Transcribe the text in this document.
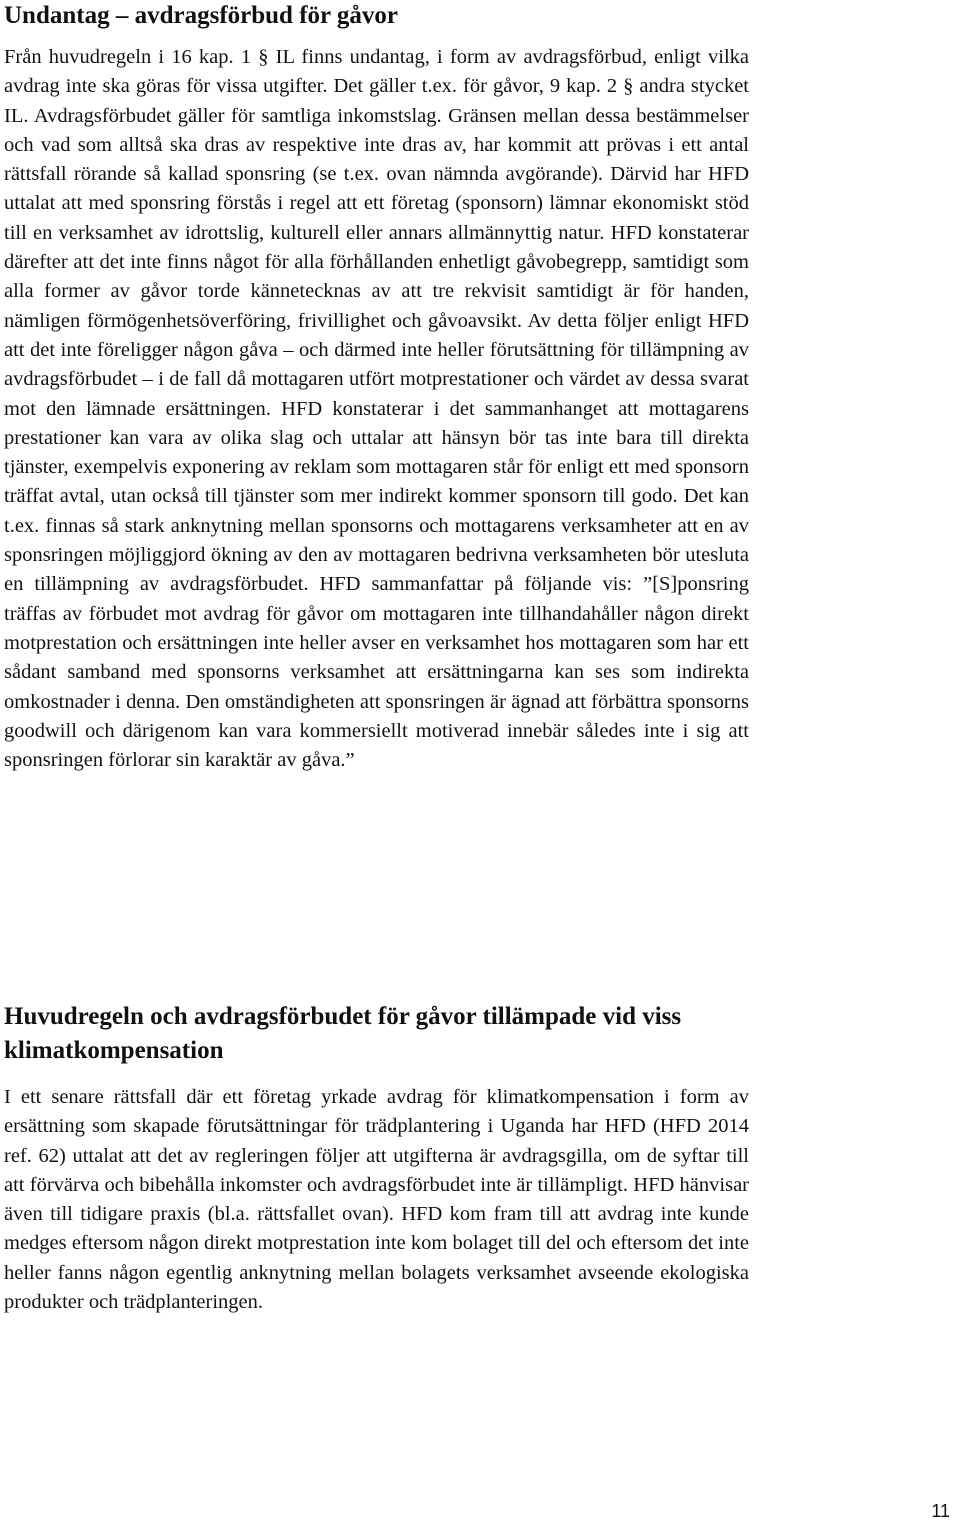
Undantag – avdragsförbud för gåvor

Från huvudregeln i 16 kap. 1 § IL finns undantag, i form av avdragsförbud, enligt vilka avdrag inte ska göras för vissa utgifter. Det gäller t.ex. för gåvor, 9 kap. 2 § andra stycket IL. Avdragsförbudet gäller för samtliga inkomstslag. Gränsen mellan dessa bestämmelser och vad som alltså ska dras av respektive inte dras av, har kommit att prövas i ett antal rättsfall rörande så kallad sponsring (se t.ex. ovan nämnda avgörande). Därvid har HFD uttalat att med sponsring förstås i regel att ett företag (sponsorn) lämnar ekonomiskt stöd till en verksamhet av idrottslig, kulturell eller annars allmännyttig natur. HFD konstaterar därefter att det inte finns något för alla förhållanden enhetligt gåvobegrepp, samtidigt som alla former av gåvor torde kännetecknas av att tre rekvisit samtidigt är för handen, nämligen förmögenhetsöverföring, frivillighet och gåvoavsikt. Av detta följer enligt HFD att det inte föreligger någon gåva – och därmed inte heller förutsättning för tillämpning av avdragsförbudet – i de fall då mottagaren utfört motprestationer och värdet av dessa svarat mot den lämnade ersättningen. HFD konstaterar i det sammanhanget att mottagarens prestationer kan vara av olika slag och uttalar att hänsyn bör tas inte bara till direkta tjänster, exempelvis exponering av reklam som mottagaren står för enligt ett med sponsorn träffat avtal, utan också till tjänster som mer indirekt kommer sponsorn till godo. Det kan t.ex. finnas så stark anknytning mellan sponsorns och mottagarens verksamheter att en av sponsringen möjliggjord ökning av den av mottagaren bedrivna verksamheten bör utesluta en tillämpning av avdragsförbudet. HFD sammanfattar på följande vis: ”[S]ponsring träffas av förbudet mot avdrag för gåvor om mottagaren inte tillhandahåller någon direkt motprestation och ersättningen inte heller avser en verksamhet hos mottagaren som har ett sådant samband med sponsorns verksamhet att ersättningarna kan ses som indirekta omkostnader i denna. Den omständigheten att sponsringen är ägnad att förbättra sponsorns goodwill och därigenom kan vara kommersiellt motiverad innebär således inte i sig att sponsringen förlorar sin karaktär av gåva.”

Huvudregeln och avdragsförbudet för gåvor tillämpade vid viss klimatkompensation

I ett senare rättsfall där ett företag yrkade avdrag för klimatkompensation i form av ersättning som skapade förutsättningar för trädplantering i Uganda har HFD (HFD 2014 ref. 62) uttalat att det av regleringen följer att utgifterna är avdragsgilla, om de syftar till att förvärva och bibehålla inkomster och avdragsförbudet inte är tillämpligt. HFD hänvisar även till tidigare praxis (bl.a. rättsfallet ovan). HFD kom fram till att avdrag inte kunde medges eftersom någon direkt motprestation inte kom bolaget till del och eftersom det inte heller fanns någon egentlig anknytning mellan bolagets verksamhet avseende ekologiska produkter och trädplanteringen.

11
